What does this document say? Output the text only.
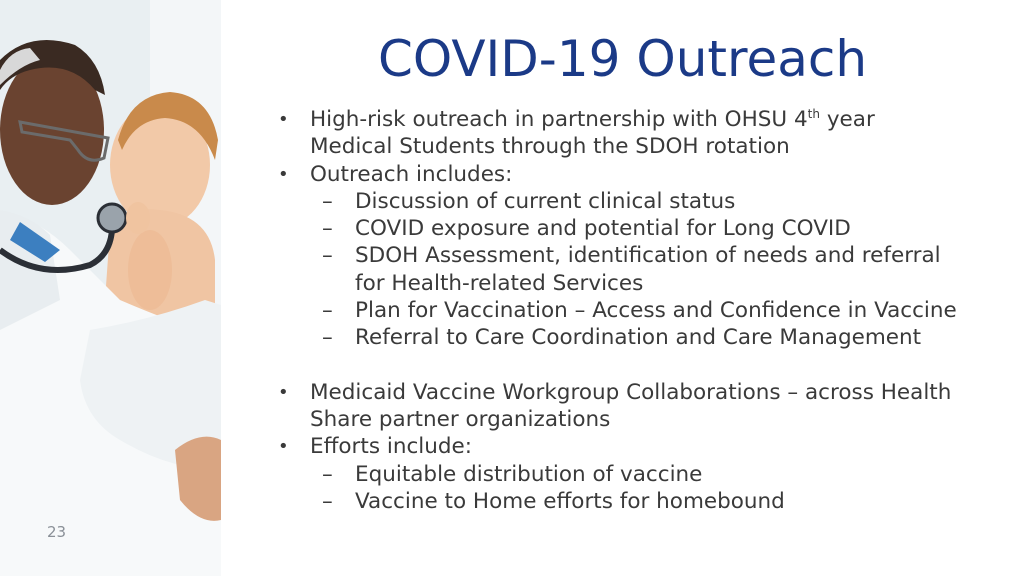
23
COVID-19 Outreach
• High-risk outreach in partnership with OHSU 4th year
Medical Students through the SDOH rotation
• Outreach includes:
– Discussion of current clinical status
– COVID exposure and potential for Long COVID
– SDOH Assessment, identification of needs and referral
for Health-related Services
– Plan for Vaccination – Access and Confidence in Vaccine
– Referral to Care Coordination and Care Management
• Medicaid Vaccine Workgroup Collaborations – across Health
Share partner organizations
• Efforts include:
– Equitable distribution of vaccine
– Vaccine to Home efforts for homebound
